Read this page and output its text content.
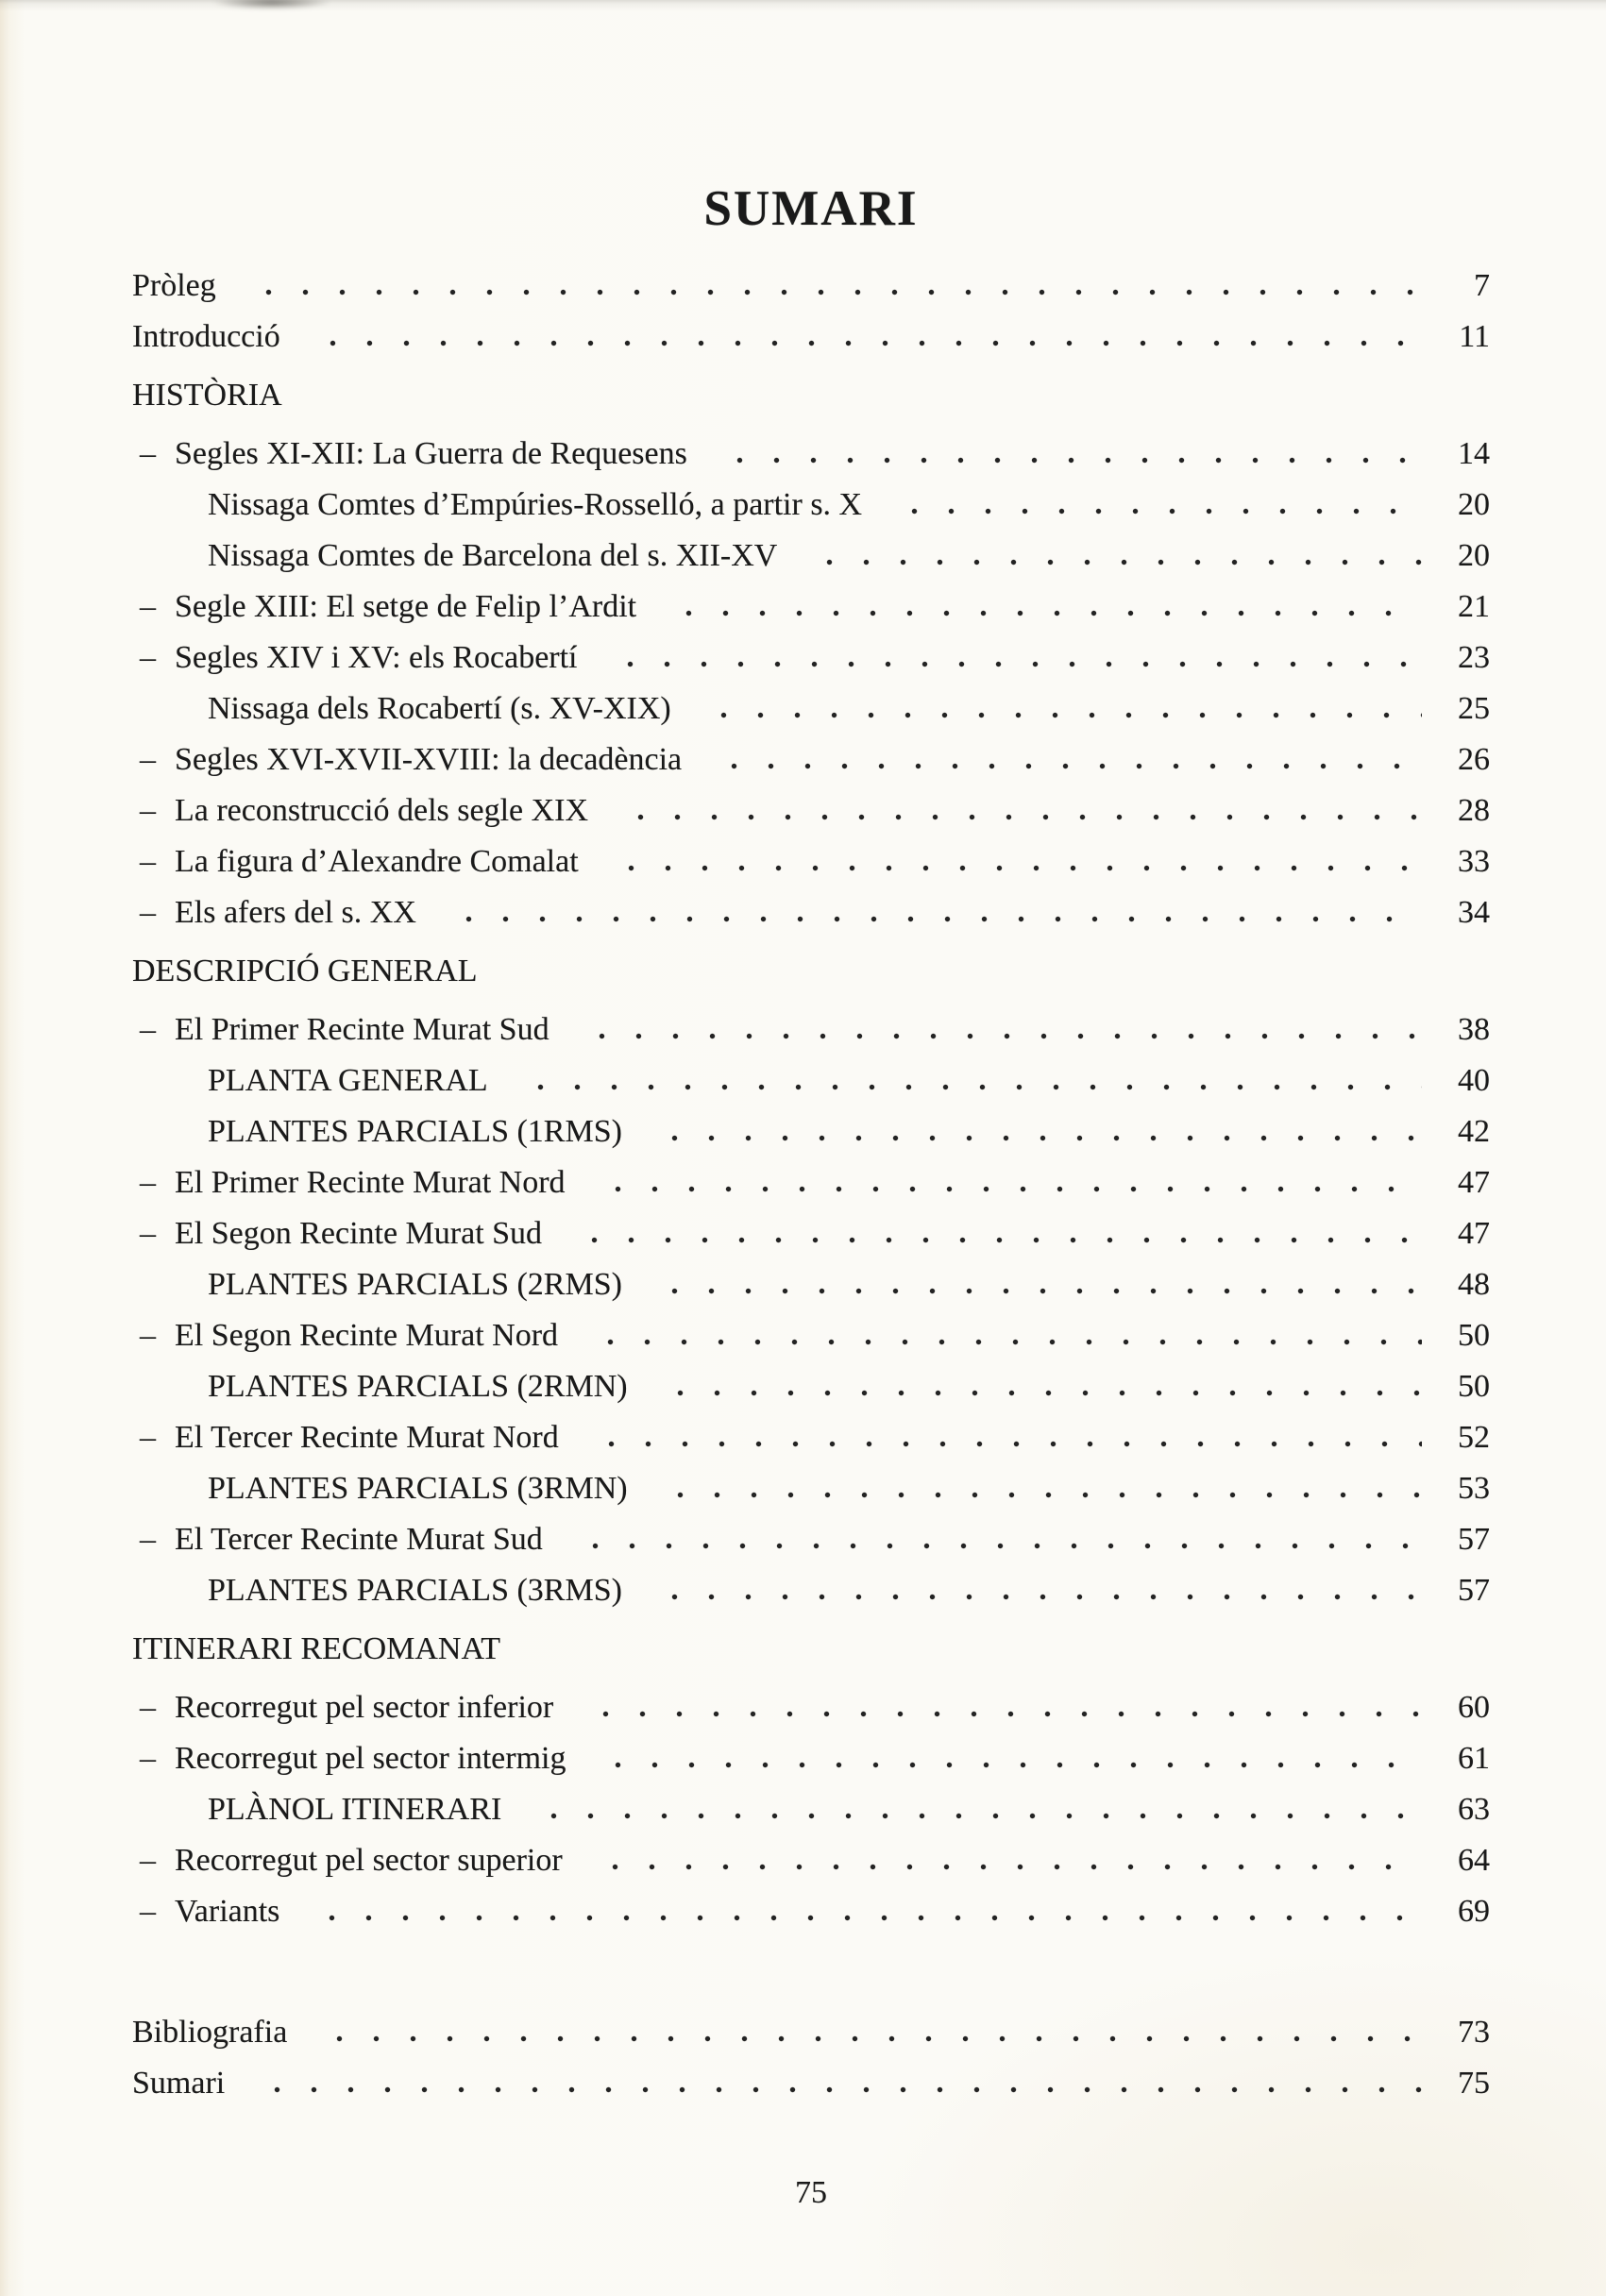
SUMARI
Pròleg	7
Introducció	11
HISTÒRIA
– Segles XI-XII: La Guerra de Requesens	14
Nissaga Comtes d’Empúries-Rosselló, a partir s. X	20
Nissaga Comtes de Barcelona del s. XII-XV	20
– Segle XIII: El setge de Felip l’Ardit	21
– Segles XIV i XV: els Rocabertí	23
Nissaga dels Rocabertí (s. XV-XIX)	25
– Segles XVI-XVII-XVIII: la decadència	26
– La reconstrucció dels segle XIX	28
– La figura d’Alexandre Comalat	33
– Els afers del s. XX	34
DESCRIPCIÓ GENERAL
– El Primer Recinte Murat Sud	38
PLANTA GENERAL	40
PLANTES PARCIALS (1RMS)	42
– El Primer Recinte Murat Nord	47
– El Segon Recinte Murat Sud	47
PLANTES PARCIALS (2RMS)	48
– El Segon Recinte Murat Nord	50
PLANTES PARCIALS (2RMN)	50
– El Tercer Recinte Murat Nord	52
PLANTES PARCIALS (3RMN)	53
– El Tercer Recinte Murat Sud	57
PLANTES PARCIALS (3RMS)	57
ITINERARI RECOMANAT
– Recorregut pel sector inferior	60
– Recorregut pel sector intermig	61
PLÀNOL ITINERARI	63
– Recorregut pel sector superior	64
– Variants	69
Bibliografia	73
Sumari	75
75
